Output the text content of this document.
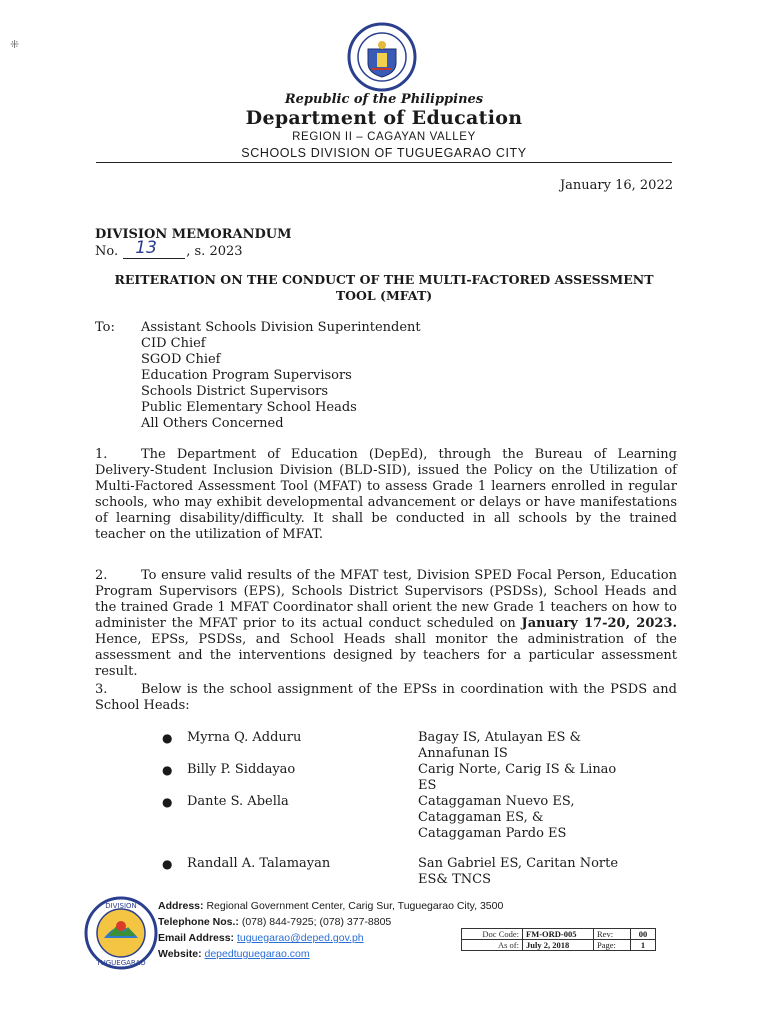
⁜
Republic of the Philippines
Department of Education
REGION II – CAGAYAN VALLEY
SCHOOLS DIVISION OF TUGUEGARAO CITY
January 16, 2022
DIVISION MEMORANDUM
No. 13 , s. 2023
REITERATION ON THE CONDUCT OF THE MULTI-FACTORED ASSESSMENT TOOL (MFAT)
To: Assistant Schools Division Superintendent
CID Chief
SGOD Chief
Education Program Supervisors
Schools District Supervisors
Public Elementary School Heads
All Others Concerned

1.	The Department of Education (DepEd), through the Bureau of Learning Delivery-Student Inclusion Division (BLD-SID), issued the Policy on the Utilization of Multi-Factored Assessment Tool (MFAT) to assess Grade 1 learners enrolled in regular schools, who may exhibit developmental advancement or delays or have manifestations of learning disability/difficulty. It shall be conducted in all schools by the trained teacher on the utilization of MFAT.

2.	To ensure valid results of the MFAT test, Division SPED Focal Person, Education Program Supervisors (EPS), Schools District Supervisors (PSDSs), School Heads and the trained Grade 1 MFAT Coordinator shall orient the new Grade 1 teachers on how to administer the MFAT prior to its actual conduct scheduled on January 17-20, 2023. Hence, EPSs, PSDSs, and School Heads shall monitor the administration of the assessment and the interventions designed by teachers for a particular assessment result.

3.	Below is the school assignment of the EPSs in coordination with the PSDS and School Heads:

● Myrna Q. Adduru	Bagay IS, Atulayan ES & Annafunan IS
● Billy P. Siddayao	Carig Norte, Carig IS & Linao ES
● Dante S. Abella	Cataggaman Nuevo ES, Cataggaman ES, & Cataggaman Pardo ES
● Randall A. Talamayan	San Gabriel ES, Caritan Norte ES& TNCS
DIVISION
TUGUEGARAO
Address: Regional Government Center, Carig Sur, Tuguegarao City, 3500
Telephone Nos.: (078) 844-7925; (078) 377-8805
Email Address: tuguegarao@deped.gov.ph
Website: depedtuguegarao.com
Doc Code:	FM-ORD-005	Rev:	00
As of:	July 2, 2018	Page:	1
